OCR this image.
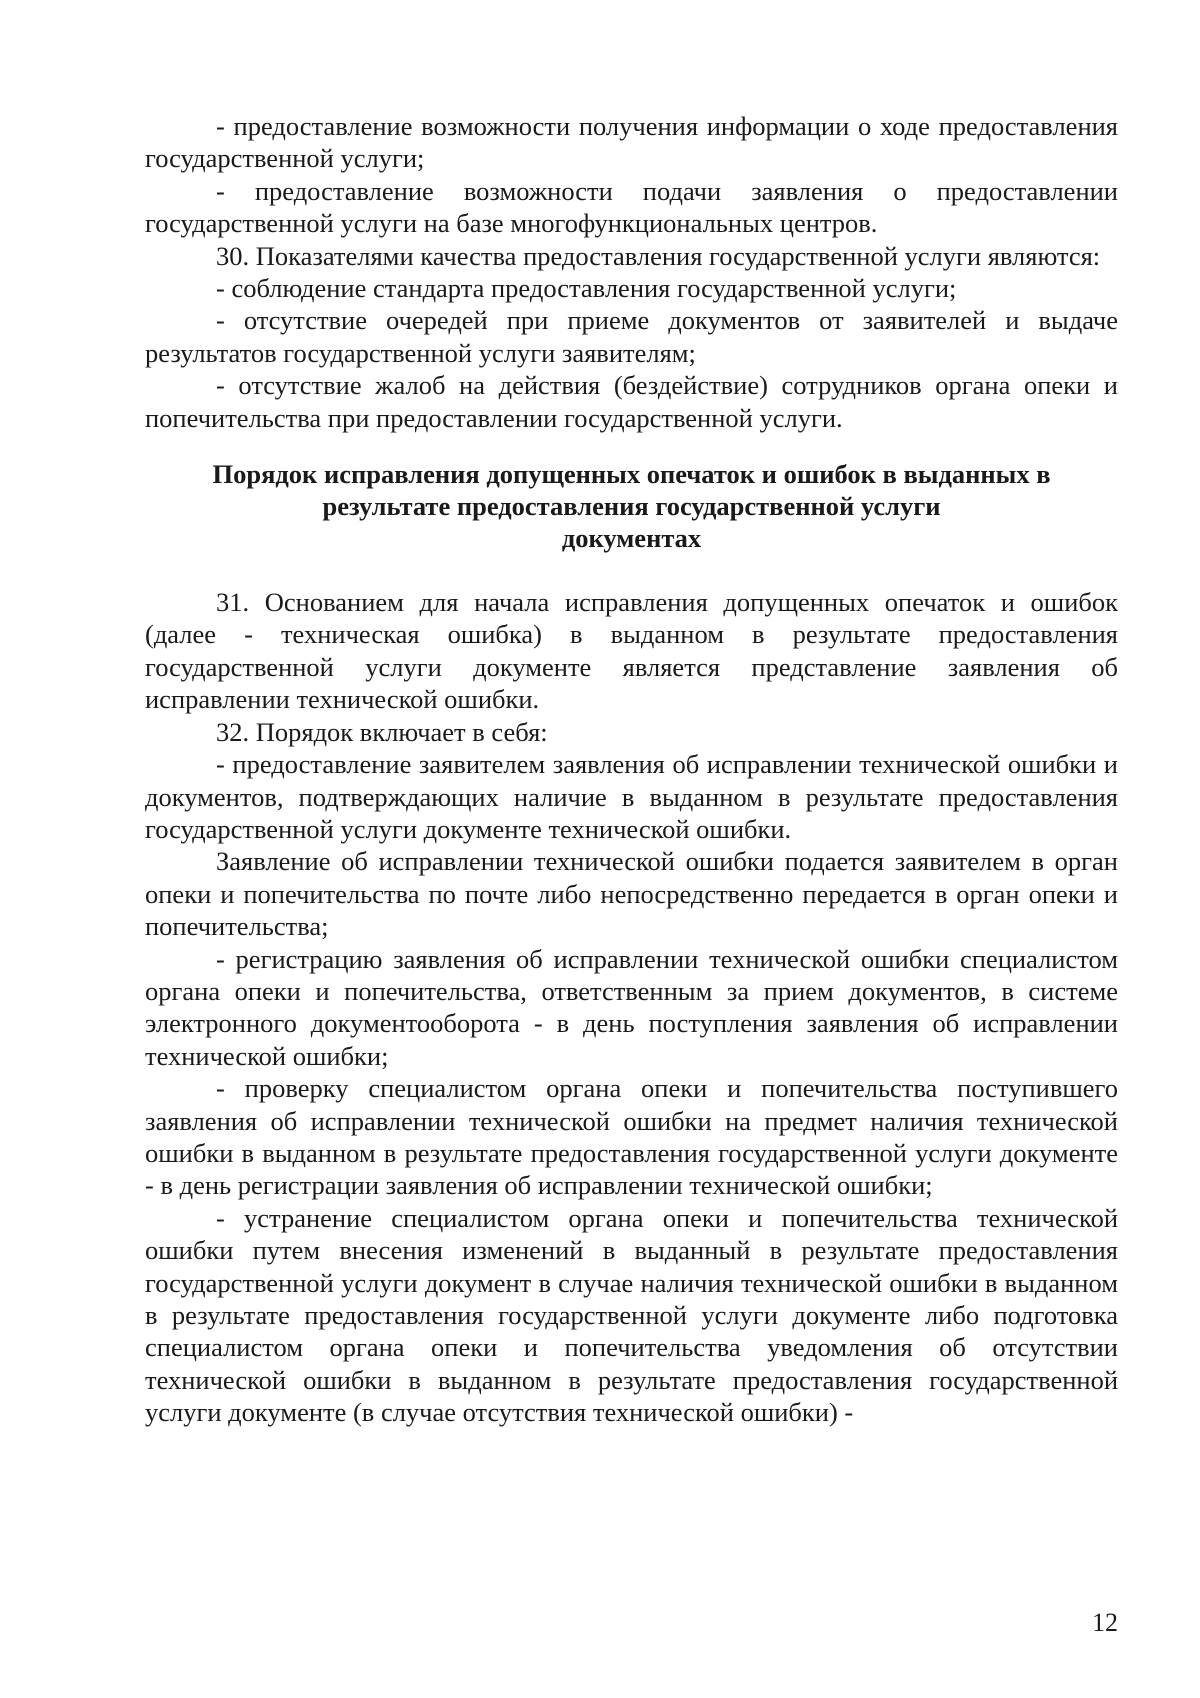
- предоставление возможности получения информации о ходе предоставления государственной услуги;

- предоставление возможности подачи заявления о предоставлении государственной услуги на базе многофункциональных центров.

30. Показателями качества предоставления государственной услуги являются:

- соблюдение стандарта предоставления государственной услуги;

- отсутствие очередей при приеме документов от заявителей и выдаче результатов государственной услуги заявителям;

- отсутствие жалоб на действия (бездействие) сотрудников органа опеки и попечительства при предоставлении государственной услуги.

Порядок исправления допущенных опечаток и ошибок в выданных в
результате предоставления государственной услуги
документах

31. Основанием для начала исправления допущенных опечаток и ошибок (далее - техническая ошибка) в выданном в результате предоставления государственной услуги документе является представление заявления об исправлении технической ошибки.

32. Порядок включает в себя:

- предоставление заявителем заявления об исправлении технической ошибки и документов, подтверждающих наличие в выданном в результате предоставления государственной услуги документе технической ошибки.

Заявление об исправлении технической ошибки подается заявителем в орган опеки и попечительства по почте либо непосредственно передается в орган опеки и попечительства;

- регистрацию заявления об исправлении технической ошибки специалистом органа опеки и попечительства, ответственным за прием документов, в системе электронного документооборота - в день поступления заявления об исправлении технической ошибки;

- проверку специалистом органа опеки и попечительства поступившего заявления об исправлении технической ошибки на предмет наличия технической ошибки в выданном в результате предоставления государственной услуги документе - в день регистрации заявления об исправлении технической ошибки;

- устранение специалистом органа опеки и попечительства технической ошибки путем внесения изменений в выданный в результате предоставления государственной услуги документ в случае наличия технической ошибки в выданном в результате предоставления государственной услуги документе либо подготовка специалистом органа опеки и попечительства уведомления об отсутствии технической ошибки в выданном в результате предоставления государственной услуги документе (в случае отсутствия технической ошибки) -

12
